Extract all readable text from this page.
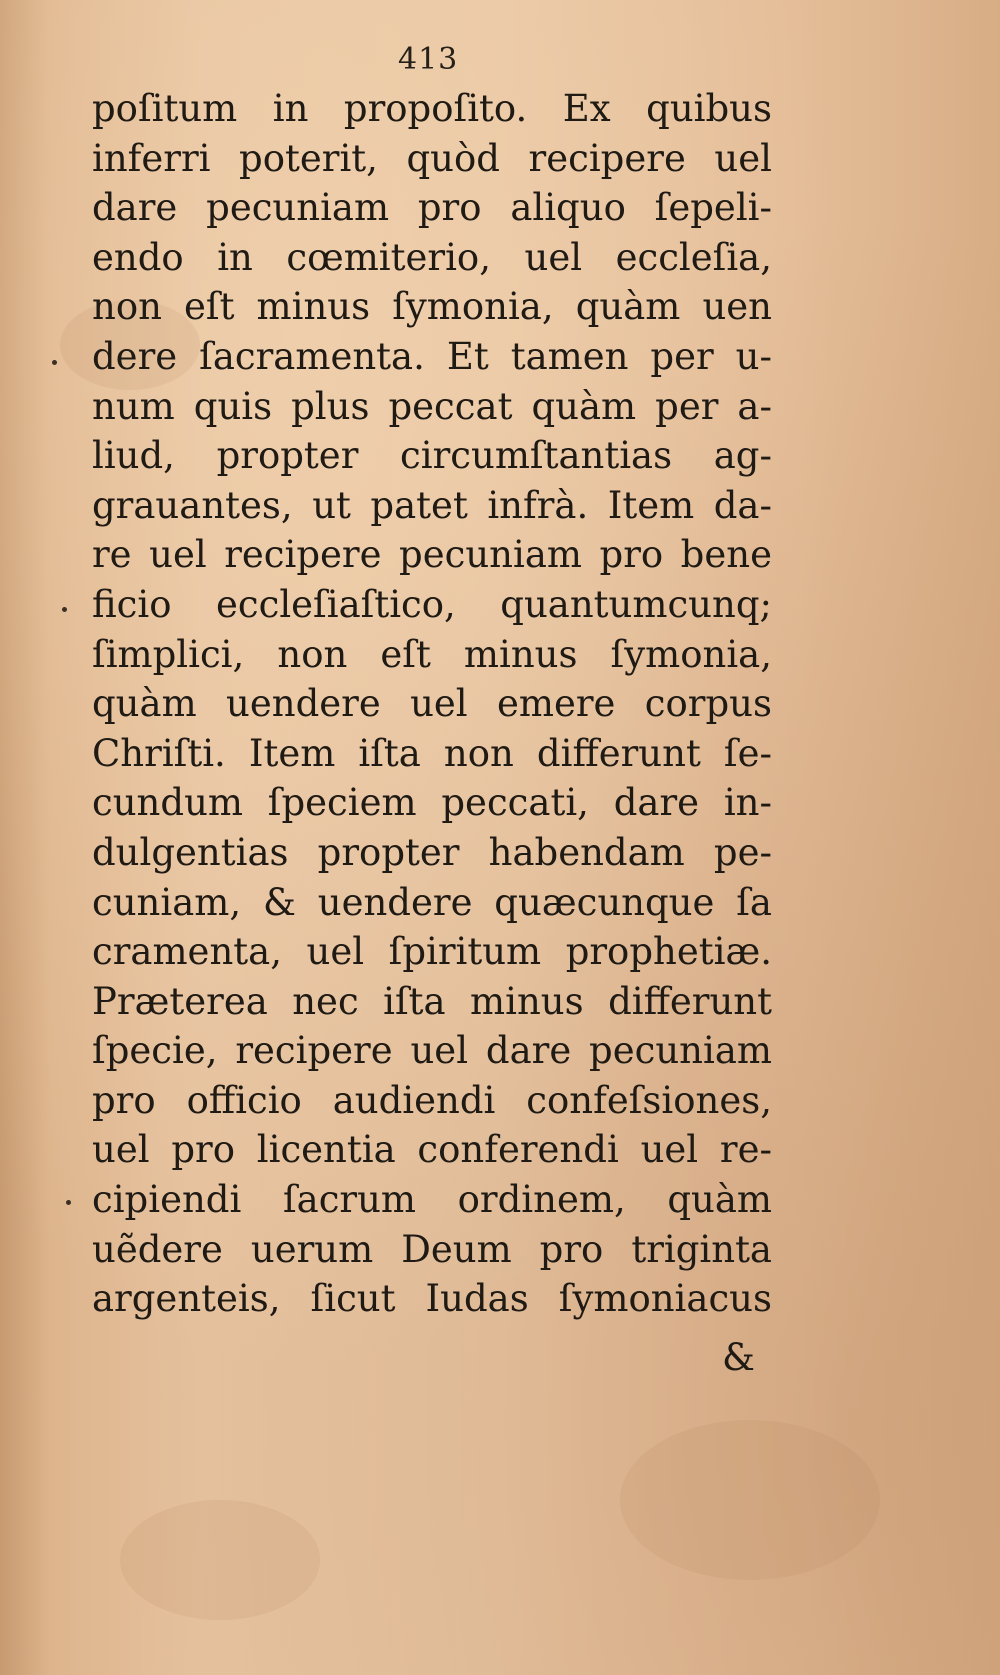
413
poſitum in propoſito. Ex quibus
inferri poterit, quòd recipere uel
dare pecuniam pro aliquo ſepeli-
endo in cœmiterio, uel eccleſia,
non eſt minus ſymonia, quàm uen
dere ſacramenta. Et tamen per u-
num quis plus peccat quàm per a-
liud, propter circumſtantias ag-
grauantes, ut patet infrà. Item da-
re uel recipere pecuniam pro bene
ficio eccleſiaſtico, quantumcunq;
ſimplici, non eſt minus ſymonia,
quàm uendere uel emere corpus
Chriſti. Item iſta non differunt ſe-
cundum ſpeciem peccati, dare in-
dulgentias propter habendam pe-
cuniam, & uendere quæcunque ſa
cramenta, uel ſpiritum prophetiæ.
Præterea nec iſta minus differunt
ſpecie, recipere uel dare pecuniam
pro officio audiendi confeſsiones,
uel pro licentia conferendi uel re-
cipiendi ſacrum ordinem, quàm
uẽdere uerum Deum pro triginta
argenteis, ſicut Iudas ſymoniacus
&
